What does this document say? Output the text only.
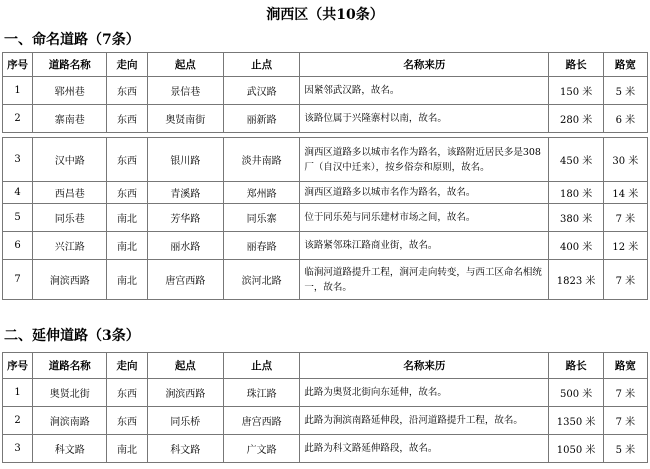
涧西区（共10条）
一、命名道路（7条）
序号	道路名称	走向	起点	止点	名称来历	路长	路宽
1	郓州巷	东西	景信巷	武汉路	因紧邻武汉路，故名。	150 米	5 米
2	寨南巷	东西	奥贤南街	丽新路	该路位属于兴隆寨村以南，故名。	280 米	6 米

3	汉中路	东西	银川路	淡井南路	涧西区道路多以城市名作为路名，该路附近居民多是308厂（自汉中迁来），按乡俗奈和原则，故名。	450 米	30 米
4	西昌巷	东西	青溪路	郑州路	涧西区道路多以城市名作为路名，故名。	180 米	14 米
5	同乐巷	南北	芳华路	同乐寨	位于同乐苑与同乐建材市场之间，故名。	380 米	7 米
6	兴江路	南北	丽水路	丽春路	该路紧邻珠江路商业街，故名。	400 米	12 米
7	涧滨西路	南北	唐宫西路	滨河北路	临涧河道路提升工程，涧河走向转变，与西工区命名相统一，故名。	1823 米	7 米
二、延伸道路（3条）
序号	道路名称	走向	起点	止点	名称来历	路长	路宽
1	奥贤北街	东西	涧滨西路	珠江路	此路为奥贤北街向东延伸，故名。	500 米	7 米
2	涧滨南路	东西	同乐桥	唐宫西路	此路为涧滨南路延伸段，沿河道路提升工程，故名。	1350 米	7 米
3	科文路	南北	科文路	广文路	此路为科文路延伸路段，故名。	1050 米	5 米
